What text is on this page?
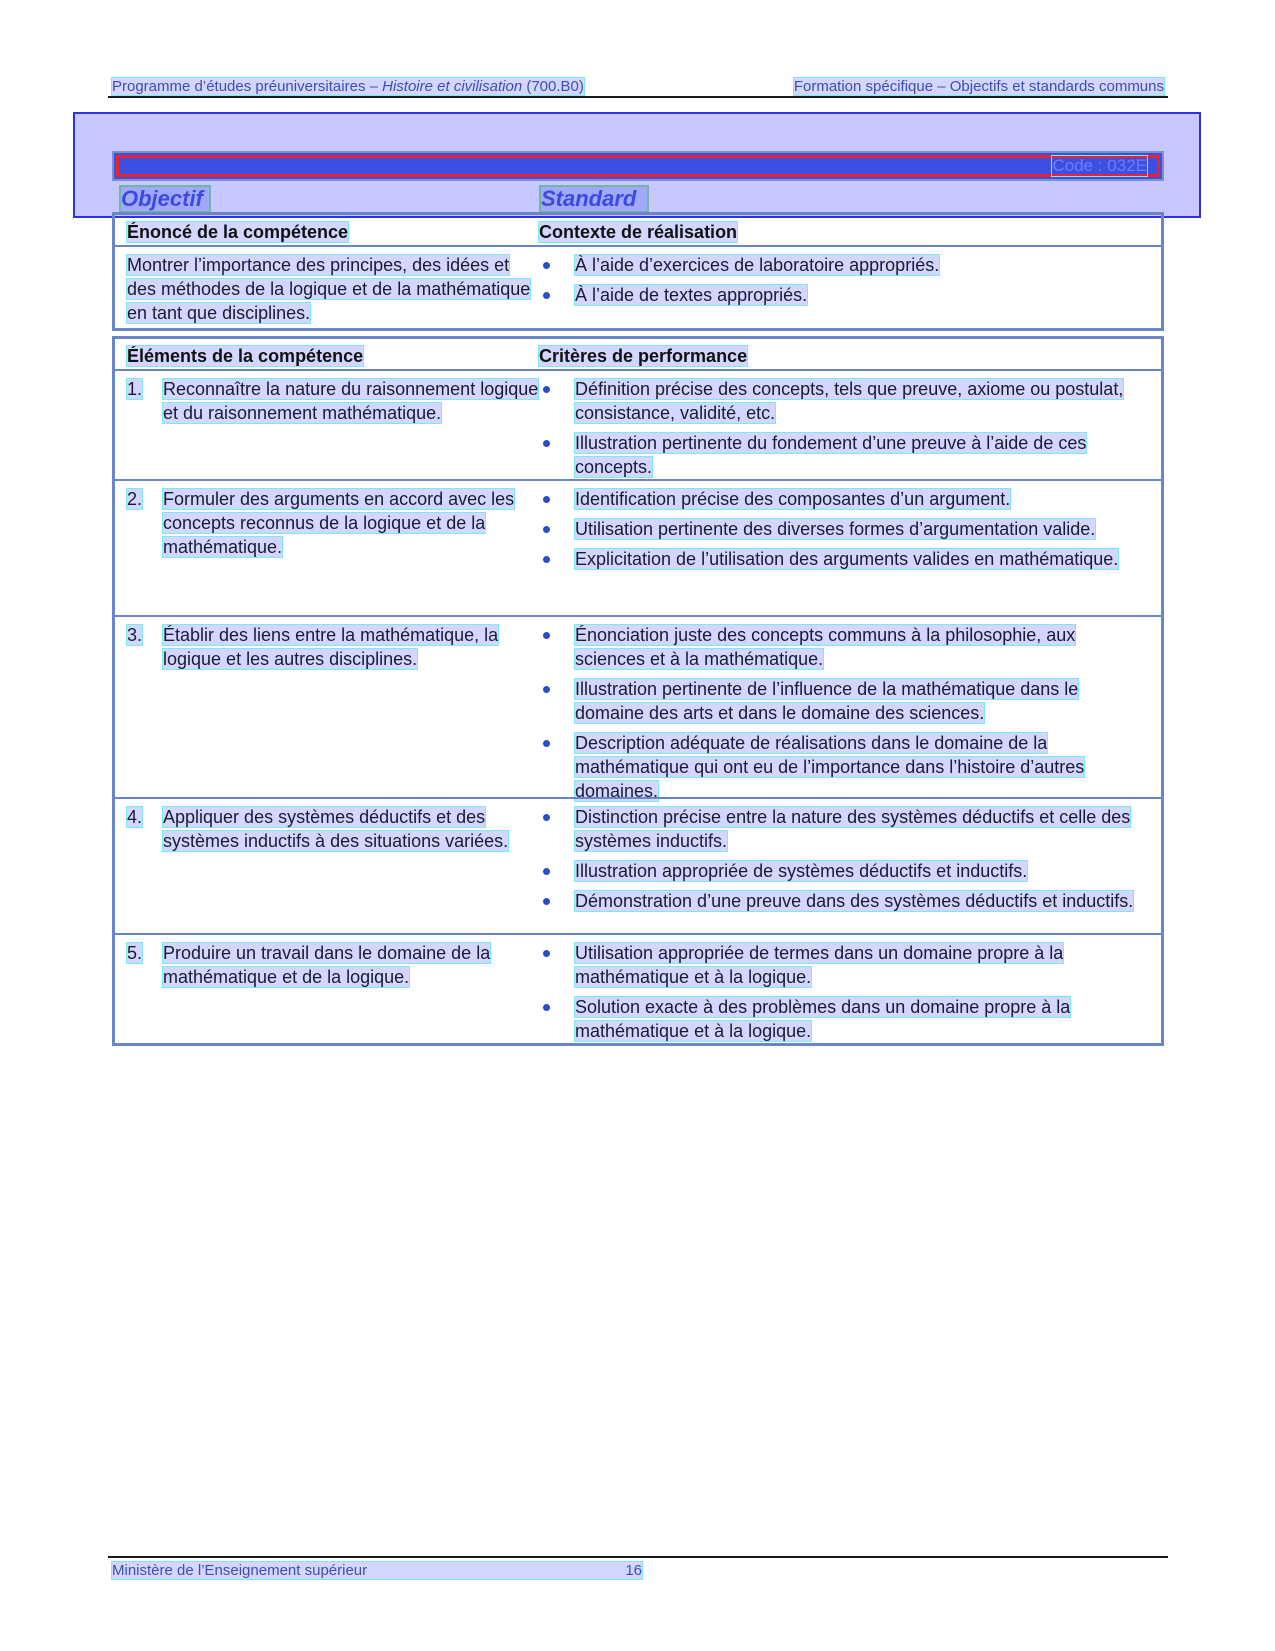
Programme d’études préuniversitaires – Histoire et civilisation (700.B0)	Formation spécifique – Objectifs et standards communs
Code : 032E
Objectif	Standard
Énoncé de la compétence	Contexte de réalisation
Montrer l’importance des principes, des idées et des méthodes de la logique et de la mathématique en tant que disciplines.
À l’aide d’exercices de laboratoire appropriés.
À l’aide de textes appropriés.
Éléments de la compétence	Critères de performance
1.	Reconnaître la nature du raisonnement logique et du raisonnement mathématique.
Définition précise des concepts, tels que preuve, axiome ou postulat, consistance, validité, etc.
Illustration pertinente du fondement d’une preuve à l’aide de ces concepts.
2.	Formuler des arguments en accord avec les concepts reconnus de la logique et de la mathématique.
Identification précise des composantes d’un argument.
Utilisation pertinente des diverses formes d’argumentation valide.
Explicitation de l’utilisation des arguments valides en mathématique.
3.	Établir des liens entre la mathématique, la logique et les autres disciplines.
Énonciation juste des concepts communs à la philosophie, aux sciences et à la mathématique.
Illustration pertinente de l’influence de la mathématique dans le domaine des arts et dans le domaine des sciences.
Description adéquate de réalisations dans le domaine de la mathématique qui ont eu de l’importance dans l’histoire d’autres domaines.
4.	Appliquer des systèmes déductifs et des systèmes inductifs à des situations variées.
Distinction précise entre la nature des systèmes déductifs et celle des systèmes inductifs.
Illustration appropriée de systèmes déductifs et inductifs.
Démonstration d’une preuve dans des systèmes déductifs et inductifs.
5.	Produire un travail dans le domaine de la mathématique et de la logique.
Utilisation appropriée de termes dans un domaine propre à la mathématique et à la logique.
Solution exacte à des problèmes dans un domaine propre à la mathématique et à la logique.
Ministère de l’Enseignement supérieur	16
